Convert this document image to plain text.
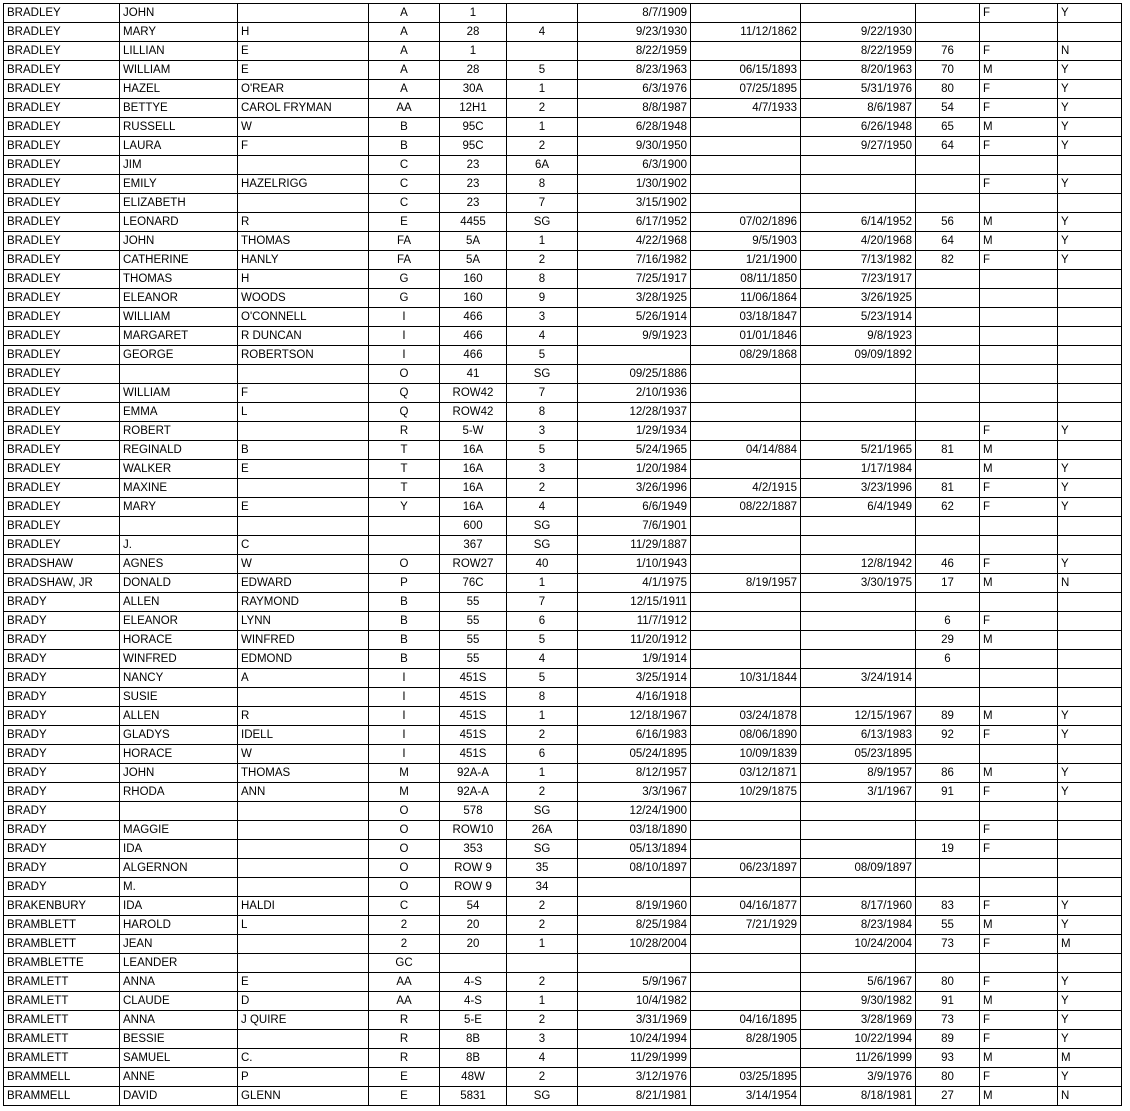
BRADLEY	JOHN		A	1		8/7/1909				F	Y
BRADLEY	MARY	H	A	28	4	9/23/1930	11/12/1862	9/22/1930			
BRADLEY	LILLIAN	E	A	1		8/22/1959		8/22/1959	76	F	N
BRADLEY	WILLIAM	E	A	28	5	8/23/1963	06/15/1893	8/20/1963	70	M	Y
BRADLEY	HAZEL	O'REAR	A	30A	1	6/3/1976	07/25/1895	5/31/1976	80	F	Y
BRADLEY	BETTYE	CAROL FRYMAN	AA	12H1	2	8/8/1987	4/7/1933	8/6/1987	54	F	Y
BRADLEY	RUSSELL	W	B	95C	1	6/28/1948		6/26/1948	65	M	Y
BRADLEY	LAURA	F	B	95C	2	9/30/1950		9/27/1950	64	F	Y
BRADLEY	JIM		C	23	6A	6/3/1900					
BRADLEY	EMILY	HAZELRIGG	C	23	8	1/30/1902				F	Y
BRADLEY	ELIZABETH		C	23	7	3/15/1902					
BRADLEY	LEONARD	R	E	4455	SG	6/17/1952	07/02/1896	6/14/1952	56	M	Y
BRADLEY	JOHN	THOMAS	FA	5A	1	4/22/1968	9/5/1903	4/20/1968	64	M	Y
BRADLEY	CATHERINE	HANLY	FA	5A	2	7/16/1982	1/21/1900	7/13/1982	82	F	Y
BRADLEY	THOMAS	H	G	160	8	7/25/1917	08/11/1850	7/23/1917			
BRADLEY	ELEANOR	WOODS	G	160	9	3/28/1925	11/06/1864	3/26/1925			
BRADLEY	WILLIAM	O'CONNELL	I	466	3	5/26/1914	03/18/1847	5/23/1914			
BRADLEY	MARGARET	R DUNCAN	I	466	4	9/9/1923	01/01/1846	9/8/1923			
BRADLEY	GEORGE	ROBERTSON	I	466	5		08/29/1868	09/09/1892			
BRADLEY			O	41	SG	09/25/1886					
BRADLEY	WILLIAM	F	Q	ROW42	7	2/10/1936					
BRADLEY	EMMA	L	Q	ROW42	8	12/28/1937					
BRADLEY	ROBERT		R	5-W	3	1/29/1934				F	Y
BRADLEY	REGINALD	B	T	16A	5	5/24/1965	04/14/884	5/21/1965	81	M	
BRADLEY	WALKER	E	T	16A	3	1/20/1984		1/17/1984		M	Y
BRADLEY	MAXINE		T	16A	2	3/26/1996	4/2/1915	3/23/1996	81	F	Y
BRADLEY	MARY	E	Y	16A	4	6/6/1949	08/22/1887	6/4/1949	62	F	Y
BRADLEY				600	SG	7/6/1901					
BRADLEY	J.	C		367	SG	11/29/1887					
BRADSHAW	AGNES	W	O	ROW27	40	1/10/1943		12/8/1942	46	F	Y
BRADSHAW, JR	DONALD	EDWARD	P	76C	1	4/1/1975	8/19/1957	3/30/1975	17	M	N
BRADY	ALLEN	RAYMOND	B	55	7	12/15/1911					
BRADY	ELEANOR	LYNN	B	55	6	11/7/1912			6	F	
BRADY	HORACE	WINFRED	B	55	5	11/20/1912			29	M	
BRADY	WINFRED	EDMOND	B	55	4	1/9/1914			6		
BRADY	NANCY	A	I	451S	5	3/25/1914	10/31/1844	3/24/1914			
BRADY	SUSIE		I	451S	8	4/16/1918					
BRADY	ALLEN	R	I	451S	1	12/18/1967	03/24/1878	12/15/1967	89	M	Y
BRADY	GLADYS	IDELL	I	451S	2	6/16/1983	08/06/1890	6/13/1983	92	F	Y
BRADY	HORACE	W	I	451S	6	05/24/1895	10/09/1839	05/23/1895			
BRADY	JOHN	THOMAS	M	92A-A	1	8/12/1957	03/12/1871	8/9/1957	86	M	Y
BRADY	RHODA	ANN	M	92A-A	2	3/3/1967	10/29/1875	3/1/1967	91	F	Y
BRADY			O	578	SG	12/24/1900					
BRADY	MAGGIE		O	ROW10	26A	03/18/1890				F	
BRADY	IDA		O	353	SG	05/13/1894			19	F	
BRADY	ALGERNON		O	ROW 9	35	08/10/1897	06/23/1897	08/09/1897			
BRADY	M.		O	ROW 9	34						
BRAKENBURY	IDA	HALDI	C	54	2	8/19/1960	04/16/1877	8/17/1960	83	F	Y
BRAMBLETT	HAROLD	L	2	20	2	8/25/1984	7/21/1929	8/23/1984	55	M	Y
BRAMBLETT	JEAN		2	20	1	10/28/2004		10/24/2004	73	F	M
BRAMBLETTE	LEANDER		GC								
BRAMLETT	ANNA	E	AA	4-S	2	5/9/1967		5/6/1967	80	F	Y
BRAMLETT	CLAUDE	D	AA	4-S	1	10/4/1982		9/30/1982	91	M	Y
BRAMLETT	ANNA	J QUIRE	R	5-E	2	3/31/1969	04/16/1895	3/28/1969	73	F	Y
BRAMLETT	BESSIE		R	8B	3	10/24/1994	8/28/1905	10/22/1994	89	F	Y
BRAMLETT	SAMUEL	C.	R	8B	4	11/29/1999		11/26/1999	93	M	M
BRAMMELL	ANNE	P	E	48W	2	3/12/1976	03/25/1895	3/9/1976	80	F	Y
BRAMMELL	DAVID	GLENN	E	5831	SG	8/21/1981	3/14/1954	8/18/1981	27	M	N
